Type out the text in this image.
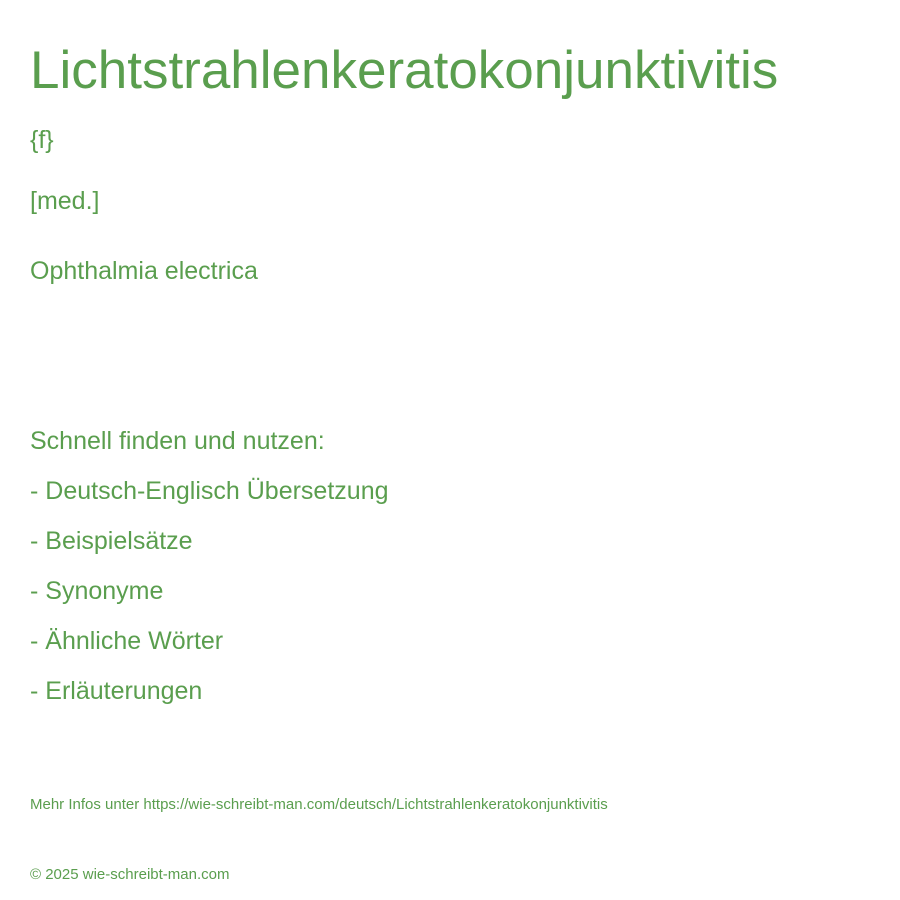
Lichtstrahlenkeratokonjunktivitis
{f}
[med.]
Ophthalmia electrica
Schnell finden und nutzen:
- Deutsch-Englisch Übersetzung
- Beispielsätze
- Synonyme
- Ähnliche Wörter
- Erläuterungen
Mehr Infos unter https://wie-schreibt-man.com/deutsch/Lichtstrahlenkeratokonjunktivitis
© 2025 wie-schreibt-man.com
